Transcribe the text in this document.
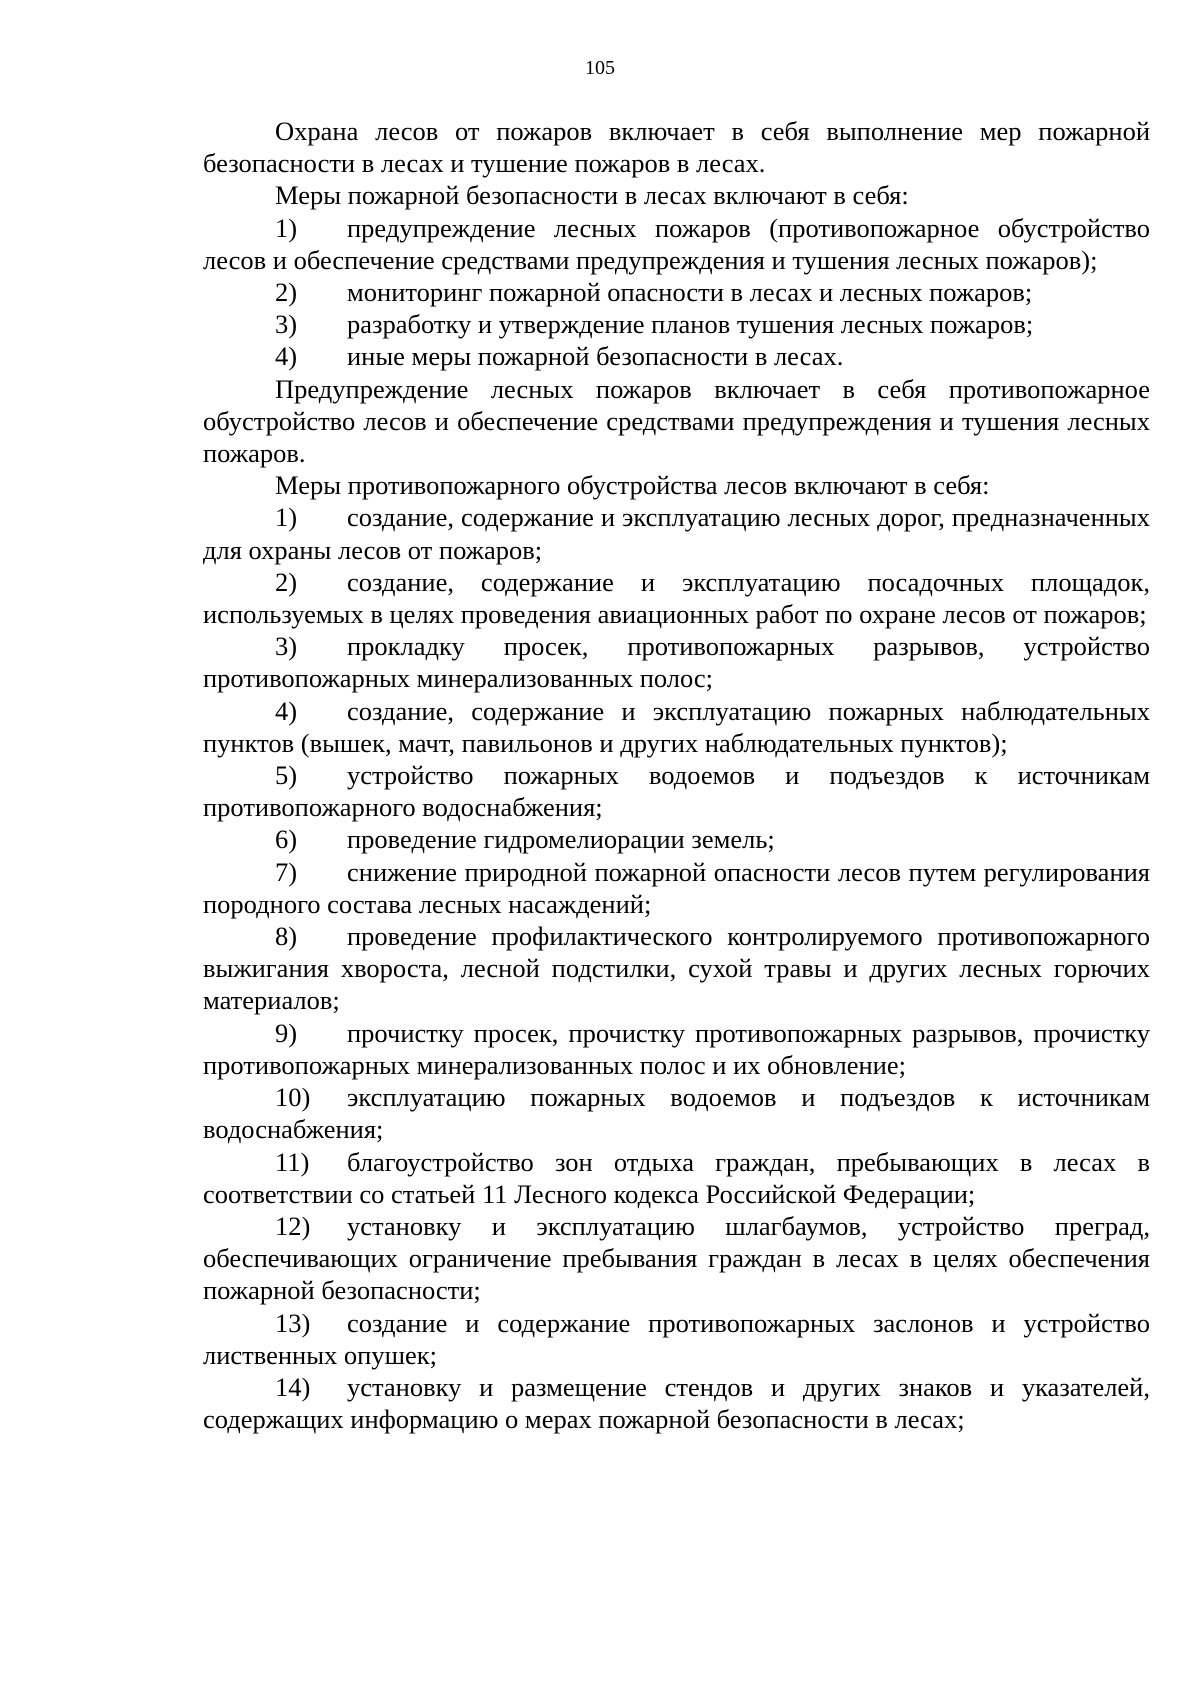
105

Охрана лесов от пожаров включает в себя выполнение мер пожарной безопасности в лесах и тушение пожаров в лесах.

Меры пожарной безопасности в лесах включают в себя:

1) предупреждение лесных пожаров (противопожарное обустройство лесов и обеспечение средствами предупреждения и тушения лесных пожаров);

2) мониторинг пожарной опасности в лесах и лесных пожаров;

3) разработку и утверждение планов тушения лесных пожаров;

4) иные меры пожарной безопасности в лесах.

Предупреждение лесных пожаров включает в себя противопожарное обустройство лесов и обеспечение средствами предупреждения и тушения лесных пожаров.

Меры противопожарного обустройства лесов включают в себя:

1) создание, содержание и эксплуатацию лесных дорог, предназначенных для охраны лесов от пожаров;

2) создание, содержание и эксплуатацию посадочных площадок, используемых в целях проведения авиационных работ по охране лесов от пожаров;

3) прокладку просек, противопожарных разрывов, устройство противопожарных минерализованных полос;

4) создание, содержание и эксплуатацию пожарных наблюдательных пунктов (вышек, мачт, павильонов и других наблюдательных пунктов);

5) устройство пожарных водоемов и подъездов к источникам противопожарного водоснабжения;

6) проведение гидромелиорации земель;

7) снижение природной пожарной опасности лесов путем регулирования породного состава лесных насаждений;

8) проведение профилактического контролируемого противопожарного выжигания хвороста, лесной подстилки, сухой травы и других лесных горючих материалов;

9) прочистку просек, прочистку противопожарных разрывов, прочистку противопожарных минерализованных полос и их обновление;

10) эксплуатацию пожарных водоемов и подъездов к источникам водоснабжения;

11) благоустройство зон отдыха граждан, пребывающих в лесах в соответствии со статьей 11 Лесного кодекса Российской Федерации;

12) установку и эксплуатацию шлагбаумов, устройство преград, обеспечивающих ограничение пребывания граждан в лесах в целях обеспечения пожарной безопасности;

13) создание и содержание противопожарных заслонов и устройство лиственных опушек;

14) установку и размещение стендов и других знаков и указателей, содержащих информацию о мерах пожарной безопасности в лесах;
